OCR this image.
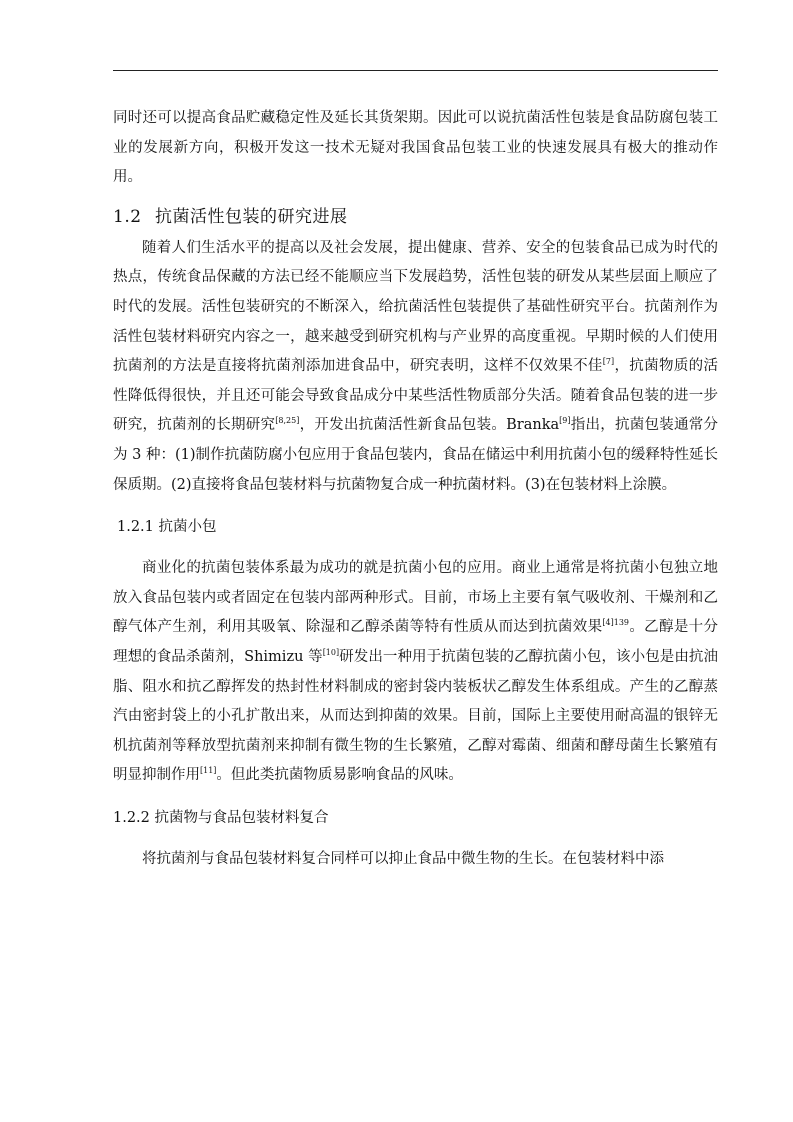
同时还可以提高食品贮藏稳定性及延长其货架期。因此可以说抗菌活性包装是食品防腐包装工业的发展新方向，积极开发这一技术无疑对我国食品包装工业的快速发展具有极大的推动作用。

1.2 抗菌活性包装的研究进展

随着人们生活水平的提高以及社会发展，提出健康、营养、安全的包装食品已成为时代的热点，传统食品保藏的方法已经不能顺应当下发展趋势，活性包装的研发从某些层面上顺应了时代的发展。活性包装研究的不断深入，给抗菌活性包装提供了基础性研究平台。抗菌剂作为活性包装材料研究内容之一，越来越受到研究机构与产业界的高度重视。早期时候的人们使用抗菌剂的方法是直接将抗菌剂添加进食品中，研究表明，这样不仅效果不佳[7]，抗菌物质的活性降低得很快，并且还可能会导致食品成分中某些活性物质部分失活。随着食品包装的进一步研究，抗菌剂的长期研究[8,25]，开发出抗菌活性新食品包装。Branka[9]指出，抗菌包装通常分为 3 种：(1)制作抗菌防腐小包应用于食品包装内，食品在储运中利用抗菌小包的缓释特性延长保质期。(2)直接将食品包装材料与抗菌物复合成一种抗菌材料。(3)在包装材料上涂膜。

1.2.1 抗菌小包

商业化的抗菌包装体系最为成功的就是抗菌小包的应用。商业上通常是将抗菌小包独立地放入食品包装内或者固定在包装内部两种形式。目前，市场上主要有氧气吸收剂、干燥剂和乙醇气体产生剂，利用其吸氧、除湿和乙醇杀菌等特有性质从而达到抗菌效果$^{[4]139}$。乙醇是十分理想的食品杀菌剂，Shimizu 等[10]研发出一种用于抗菌包装的乙醇抗菌小包，该小包是由抗油脂、阻水和抗乙醇挥发的热封性材料制成的密封袋内装板状乙醇发生体系组成。产生的乙醇蒸汽由密封袋上的小孔扩散出来，从而达到抑菌的效果。目前，国际上主要使用耐高温的银锌无机抗菌剂等释放型抗菌剂来抑制有微生物的生长繁殖，乙醇对霉菌、细菌和酵母菌生长繁殖有明显抑制作用[11]。但此类抗菌物质易影响食品的风味。

1.2.2 抗菌物与食品包装材料复合

将抗菌剂与食品包装材料复合同样可以抑止食品中微生物的生长。在包装材料中添
